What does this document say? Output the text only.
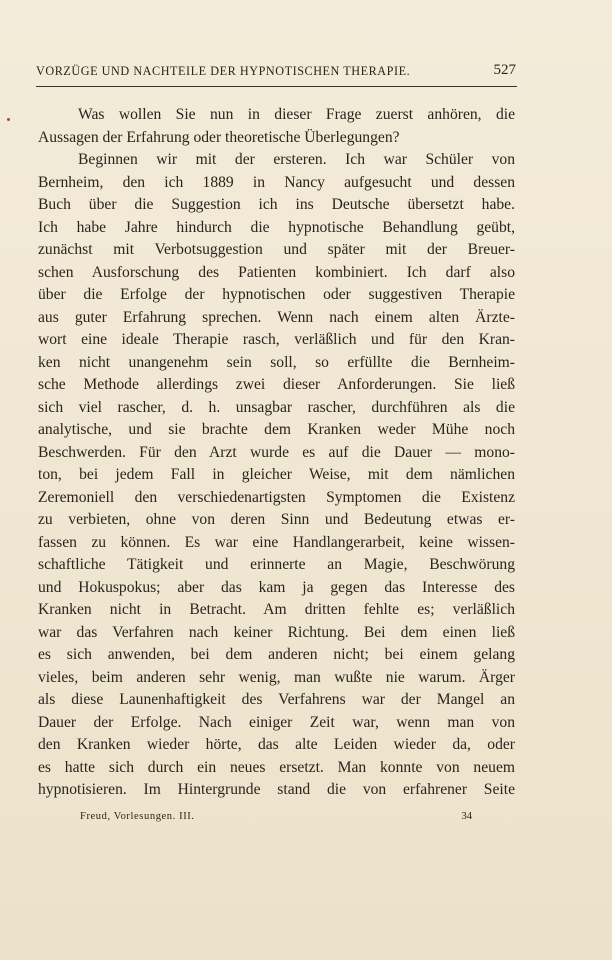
VORZÜGE UND NACHTEILE DER HYPNOTISCHEN THERAPIE.	527
Was wollen Sie nun in dieser Frage zuerst anhören, die
Aussagen der Erfahrung oder theoretische Überlegungen?
Beginnen wir mit der ersteren. Ich war Schüler von
Bernheim, den ich 1889 in Nancy aufgesucht und dessen
Buch über die Suggestion ich ins Deutsche übersetzt habe.
Ich habe Jahre hindurch die hypnotische Behandlung geübt,
zunächst mit Verbotsuggestion und später mit der Breuer-
schen Ausforschung des Patienten kombiniert. Ich darf also
über die Erfolge der hypnotischen oder suggestiven Therapie
aus guter Erfahrung sprechen. Wenn nach einem alten Ärzte-
wort eine ideale Therapie rasch, verläßlich und für den Kran-
ken nicht unangenehm sein soll, so erfüllte die Bernheim-
sche Methode allerdings zwei dieser Anforderungen. Sie ließ
sich viel rascher, d. h. unsagbar rascher, durchführen als die
analytische, und sie brachte dem Kranken weder Mühe noch
Beschwerden. Für den Arzt wurde es auf die Dauer — mono-
ton, bei jedem Fall in gleicher Weise, mit dem nämlichen
Zeremoniell den verschiedenartigsten Symptomen die Existenz
zu verbieten, ohne von deren Sinn und Bedeutung etwas er-
fassen zu können. Es war eine Handlangerarbeit, keine wissen-
schaftliche Tätigkeit und erinnerte an Magie, Beschwörung
und Hokuspokus; aber das kam ja gegen das Interesse des
Kranken nicht in Betracht. Am dritten fehlte es; verläßlich
war das Verfahren nach keiner Richtung. Bei dem einen ließ
es sich anwenden, bei dem anderen nicht; bei einem gelang
vieles, beim anderen sehr wenig, man wußte nie warum. Ärger
als diese Launenhaftigkeit des Verfahrens war der Mangel an
Dauer der Erfolge. Nach einiger Zeit war, wenn man von
den Kranken wieder hörte, das alte Leiden wieder da, oder
es hatte sich durch ein neues ersetzt. Man konnte von neuem
hypnotisieren. Im Hintergrunde stand die von erfahrener Seite
Freud, Vorlesungen. III.	34
